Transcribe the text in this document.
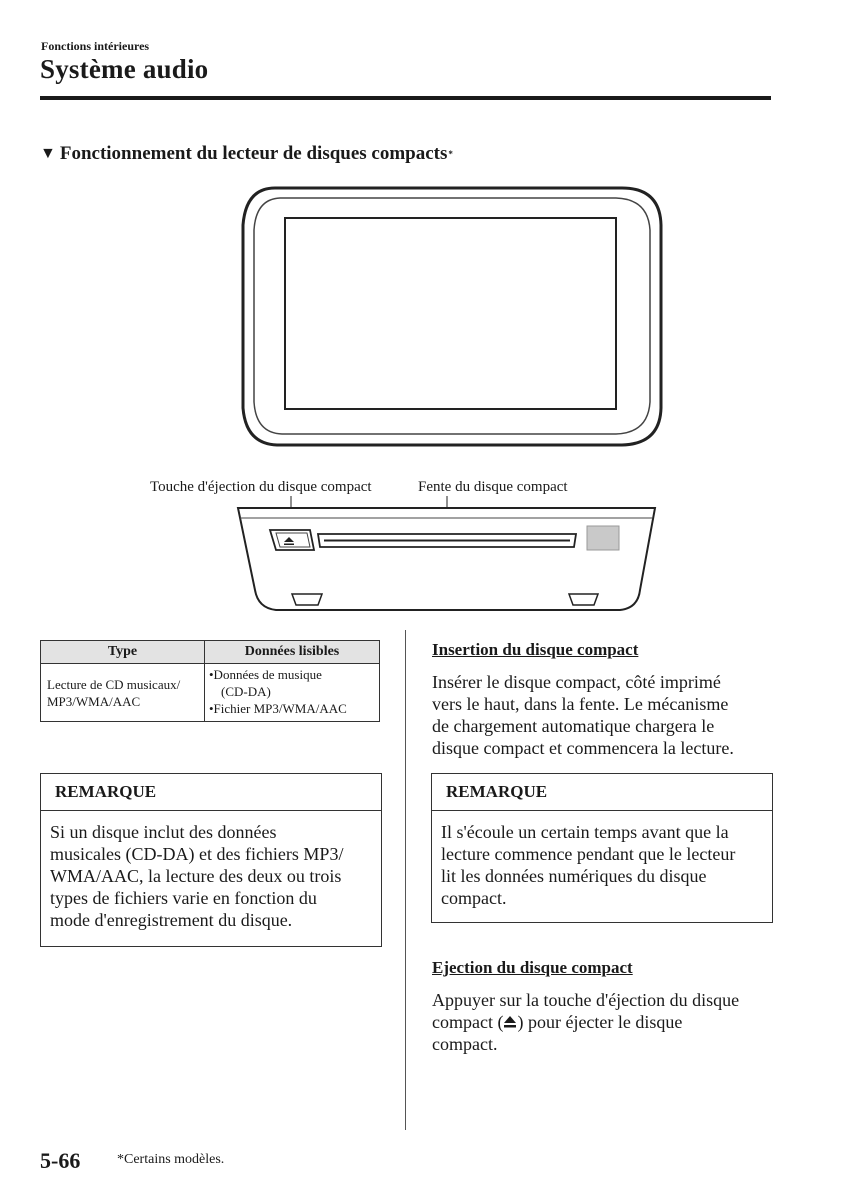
Fonctions intérieures
Système audio
▼ Fonctionnement du lecteur de disques compacts *
Touche d'éjection du disque compact	Fente du disque compact
Type	Données lisibles

Lecture de CD musicaux/
MP3/WMA/AAC	•Données de musique
(CD-DA)
•Fichier MP3/WMA/AAC
REMARQUE
Si un disque inclut des données
musicales (CD-DA) et des fichiers MP3/
WMA/AAC, la lecture des deux ou trois
types de fichiers varie en fonction du
mode d'enregistrement du disque.
Insertion du disque compact
Insérer le disque compact, côté imprimé
vers le haut, dans la fente. Le mécanisme
de chargement automatique chargera le
disque compact et commencera la lecture.
REMARQUE
Il s'écoule un certain temps avant que la
lecture commence pendant que le lecteur
lit les données numériques du disque
compact.
Ejection du disque compact
Appuyer sur la touche d'éjection du disque
compact ( ) pour éjecter le disque
compact.
5-66	*Certains modèles.
